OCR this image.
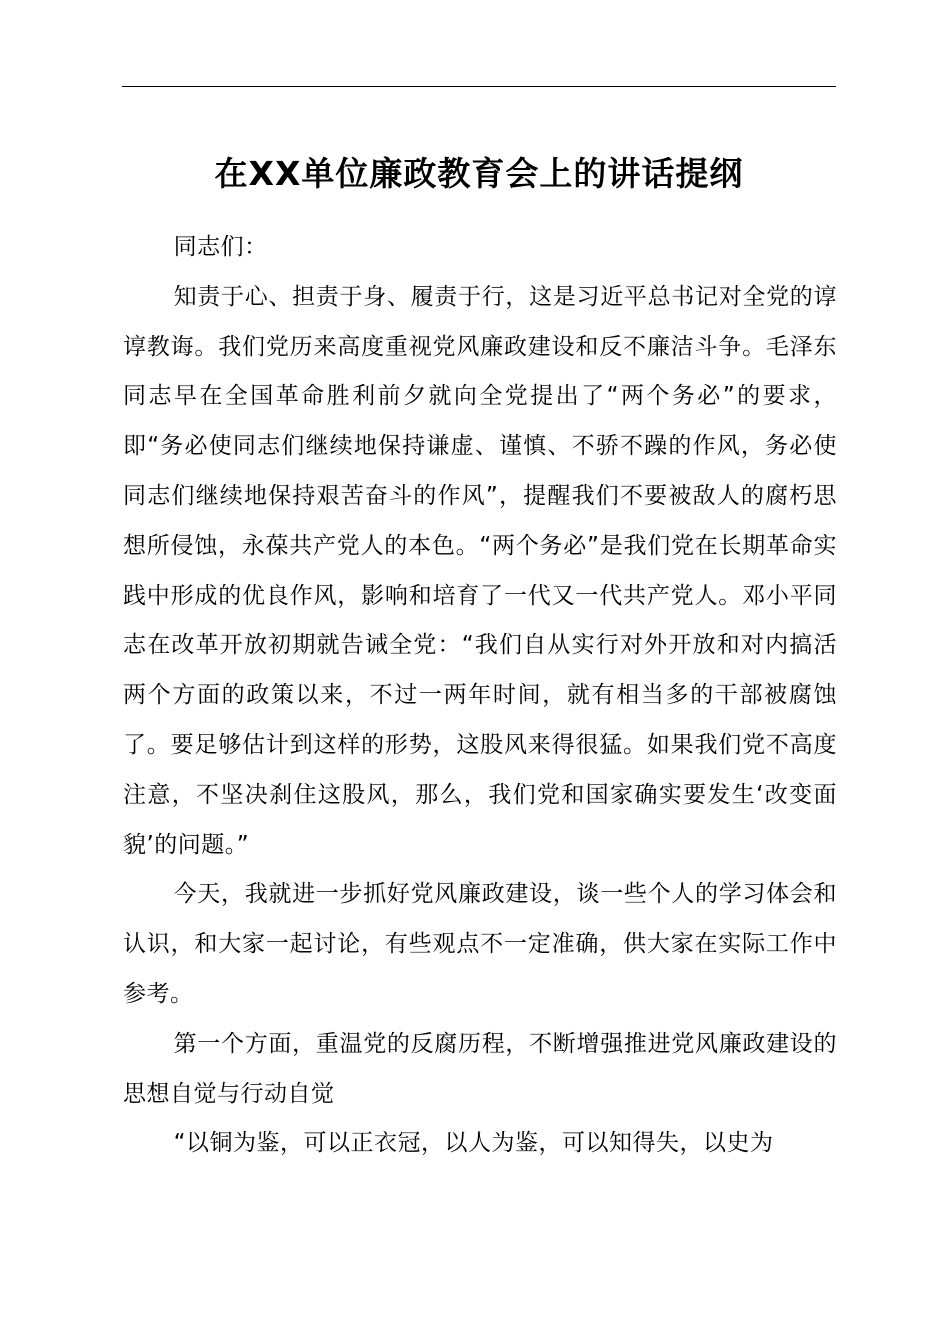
在XX单位廉政教育会上的讲话提纲

同志们：

知责于心、担责于身、履责于行，这是习近平总书记对全党的谆谆教诲。我们党历来高度重视党风廉政建设和反不廉洁斗争。毛泽东同志早在全国革命胜利前夕就向全党提出了“两个务必”的要求，即“务必使同志们继续地保持谦虚、谨慎、不骄不躁的作风，务必使同志们继续地保持艰苦奋斗的作风”，提醒我们不要被敌人的腐朽思想所侵蚀，永葆共产党人的本色。“两个务必”是我们党在长期革命实践中形成的优良作风，影响和培育了一代又一代共产党人。邓小平同志在改革开放初期就告诫全党：“我们自从实行对外开放和对内搞活两个方面的政策以来，不过一两年时间，就有相当多的干部被腐蚀了。要足够估计到这样的形势，这股风来得很猛。如果我们党不高度注意，不坚决刹住这股风，那么，我们党和国家确实要发生‘改变面貌’的问题。”

今天，我就进一步抓好党风廉政建设，谈一些个人的学习体会和认识，和大家一起讨论，有些观点不一定准确，供大家在实际工作中参考。

第一个方面，重温党的反腐历程，不断增强推进党风廉政建设的思想自觉与行动自觉

“以铜为鉴，可以正衣冠，以人为鉴，可以知得失，以史为
